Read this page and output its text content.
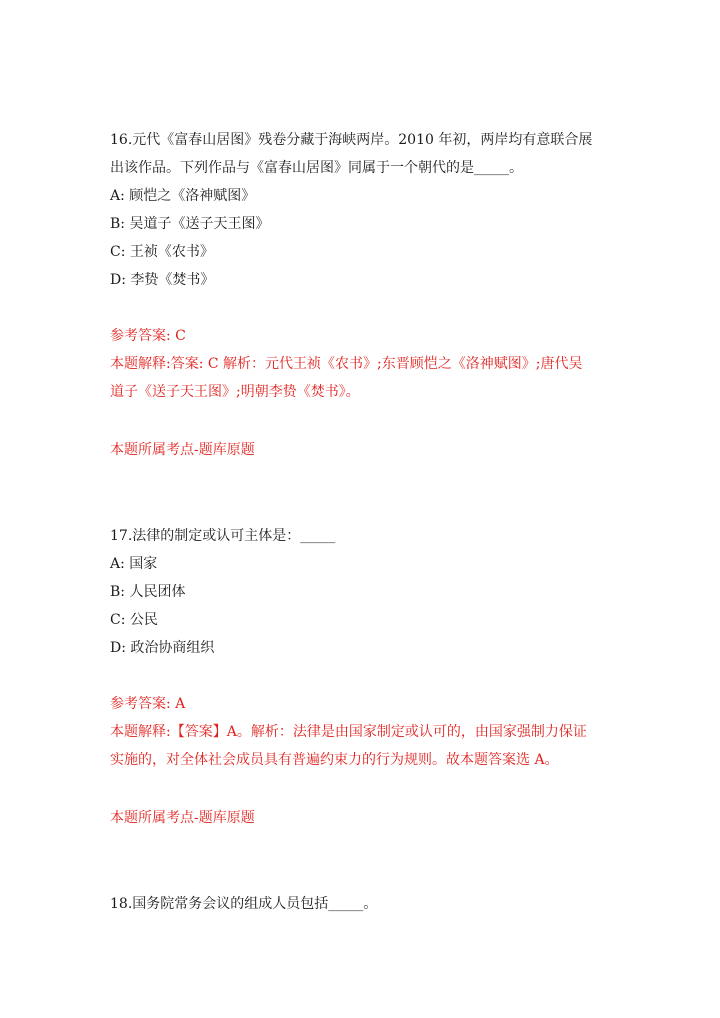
16.元代《富春山居图》残卷分藏于海峡两岸。2010 年初，两岸均有意联合展
出该作品。下列作品与《富春山居图》同属于一个朝代的是_____。
A: 顾恺之《洛神赋图》
B: 吴道子《送子天王图》
C: 王祯《农书》
D: 李贽《焚书》
参考答案: C
本题解释:答案: C 解析：元代王祯《农书》;东晋顾恺之《洛神赋图》;唐代吴
道子《送子天王图》;明朝李贽《焚书》。
本题所属考点-题库原题
17.法律的制定或认可主体是：_____
A: 国家
B: 人民团体
C: 公民
D: 政治协商组织
参考答案: A
本题解释:【答案】A。解析：法律是由国家制定或认可的，由国家强制力保证
实施的，对全体社会成员具有普遍约束力的行为规则。故本题答案选 A。
本题所属考点-题库原题
18.国务院常务会议的组成人员包括_____。
